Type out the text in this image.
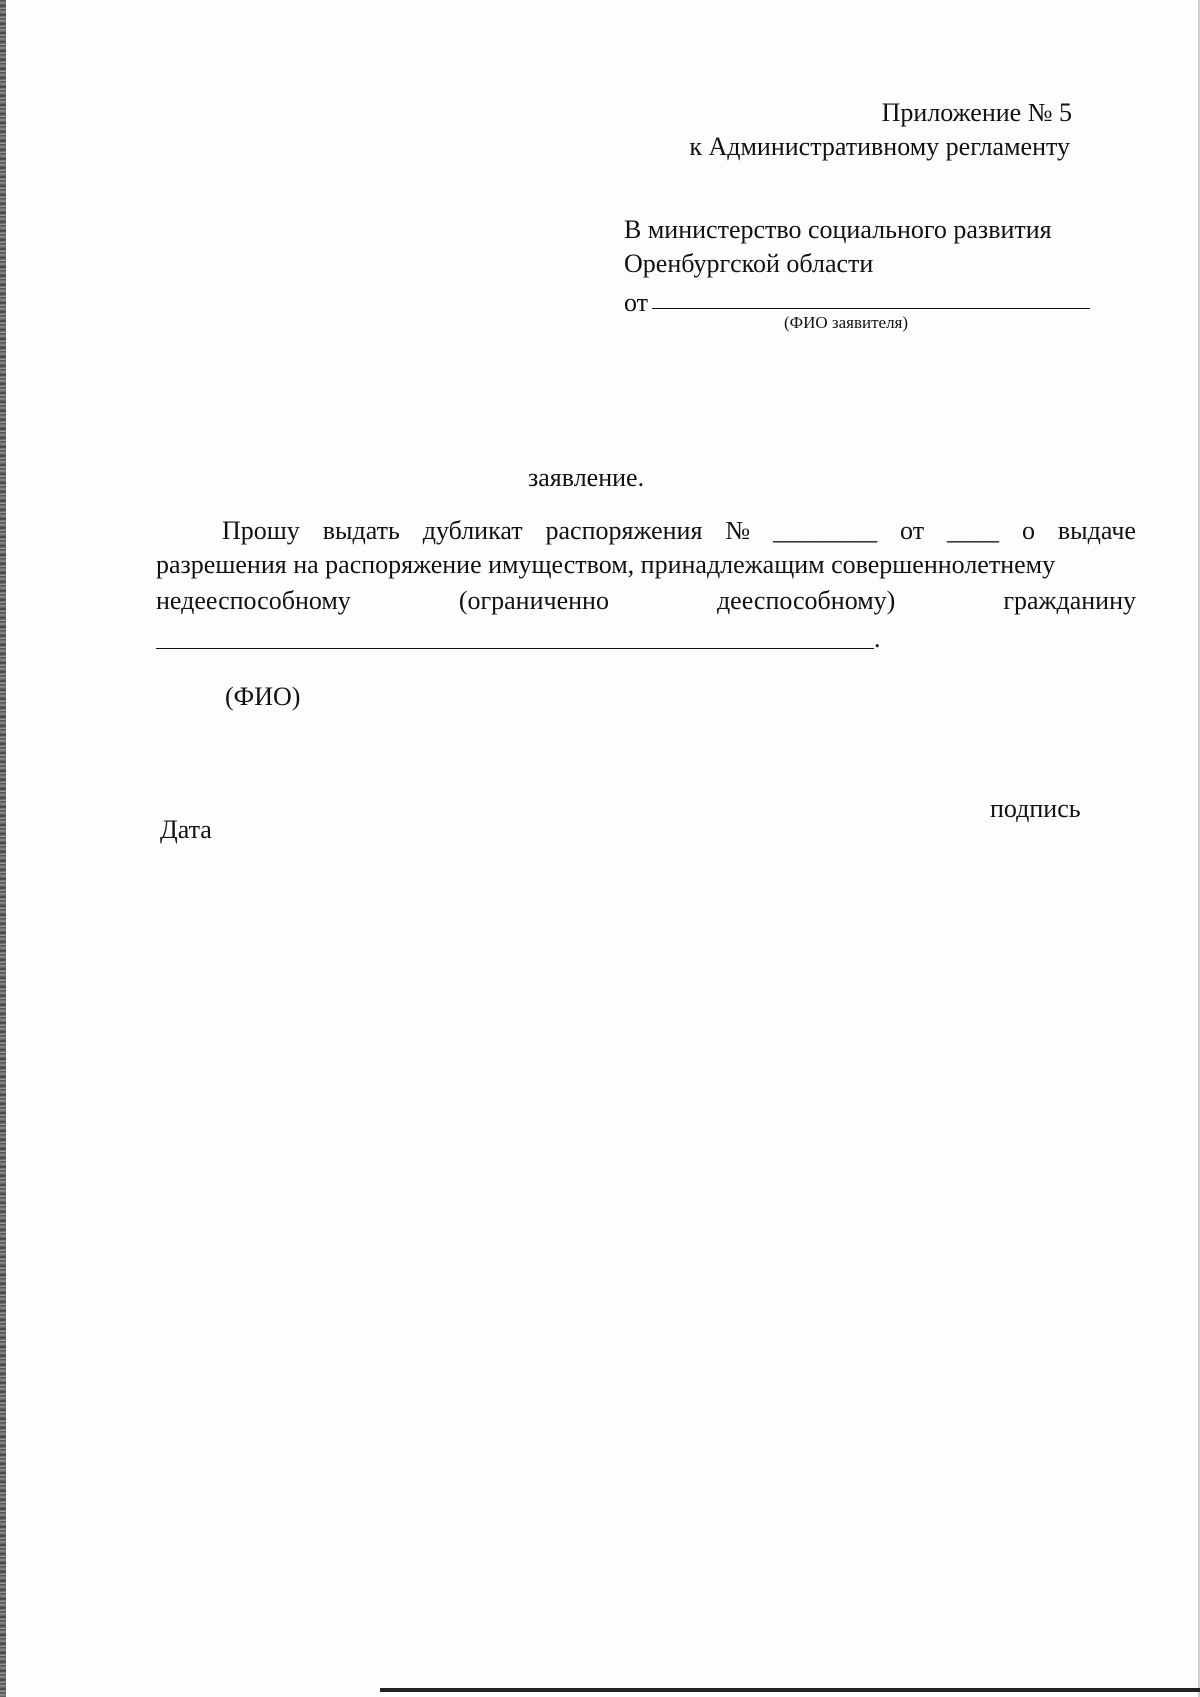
Приложение № 5
к Административному регламенту
В министерство социального развития
Оренбургской области
от
(ФИО заявителя)
заявление.
Прошу выдать дубликат распоряжения № ________ от ____ о выдаче
разрешения на распоряжение имуществом, принадлежащим совершеннолетнему
недееспособному	(ограниченно	дееспособному)	гражданину
.
(ФИО)
Дата
подпись
